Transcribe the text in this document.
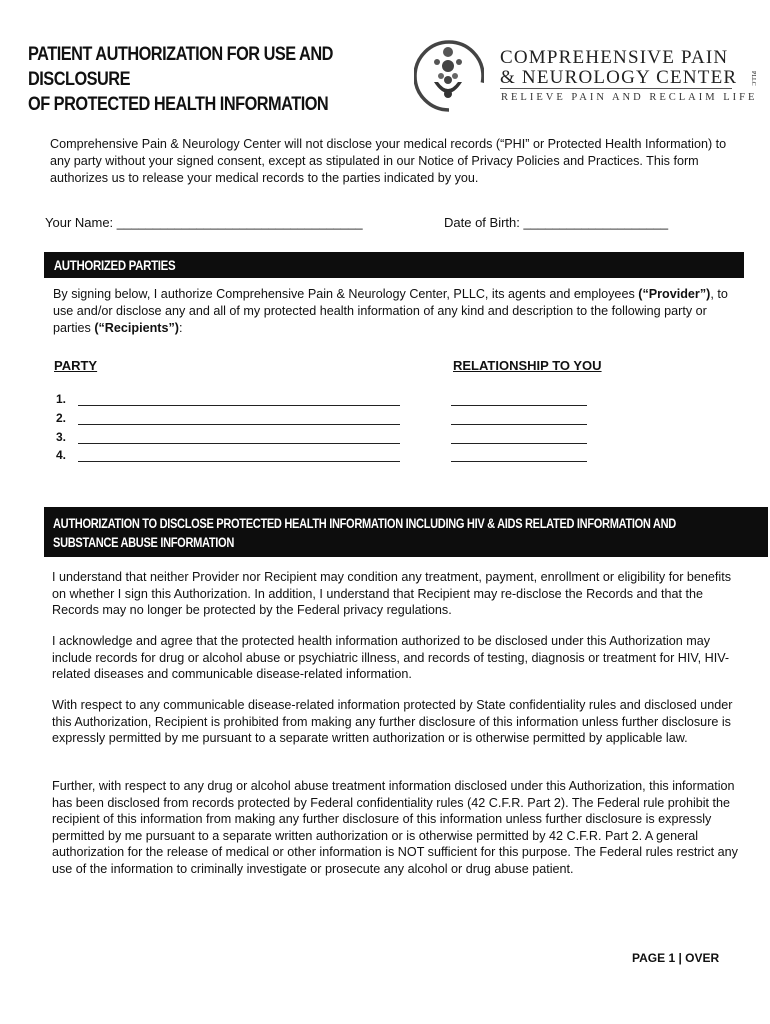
PATIENT AUTHORIZATION FOR USE AND DISCLOSURE
OF PROTECTED HEALTH INFORMATION
COMPREHENSIVE PAIN
& NEUROLOGY CENTER PLLC
RELIEVE PAIN AND RECLAIM LIFE
Comprehensive Pain & Neurology Center will not disclose your medical records (“PHI” or Protected Health Information) to any party without your signed consent, except as stipulated in our Notice of Privacy Policies and Practices. This form authorizes us to release your medical records to the parties indicated by you.
Your Name: __________________________________	Date of Birth: ____________________
AUTHORIZED PARTIES
By signing below, I authorize Comprehensive Pain & Neurology Center, PLLC, its agents and employees (“Provider”), to use and/or disclose any and all of my protected health information of any kind and description to the following party or parties (“Recipients”):
PARTY	RELATIONSHIP TO YOU
1.
2.
3.
4.
AUTHORIZATION TO DISCLOSE PROTECTED HEALTH INFORMATION INCLUDING HIV & AIDS RELATED INFORMATION AND
SUBSTANCE ABUSE INFORMATION
I understand that neither Provider nor Recipient may condition any treatment, payment, enrollment or eligibility for benefits on whether I sign this Authorization. In addition, I understand that Recipient may re-disclose the Records and that the Records may no longer be protected by the Federal privacy regulations.
I acknowledge and agree that the protected health information authorized to be disclosed under this Authorization may include records for drug or alcohol abuse or psychiatric illness, and records of testing, diagnosis or treatment for HIV, HIV-related diseases and communicable disease-related information.
With respect to any communicable disease-related information protected by State confidentiality rules and disclosed under this Authorization, Recipient is prohibited from making any further disclosure of this information unless further disclosure is expressly permitted by me pursuant to a separate written authorization or is otherwise permitted by applicable law.
Further, with respect to any drug or alcohol abuse treatment information disclosed under this Authorization, this information has been disclosed from records protected by Federal confidentiality rules (42 C.F.R. Part 2). The Federal rule prohibit the recipient of this information from making any further disclosure of this information unless further disclosure is expressly permitted by me pursuant to a separate written authorization or is otherwise permitted by 42 C.F.R. Part 2. A general authorization for the release of medical or other information is NOT sufficient for this purpose. The Federal rules restrict any use of the information to criminally investigate or prosecute any alcohol or drug abuse patient.
PAGE 1 | OVER
